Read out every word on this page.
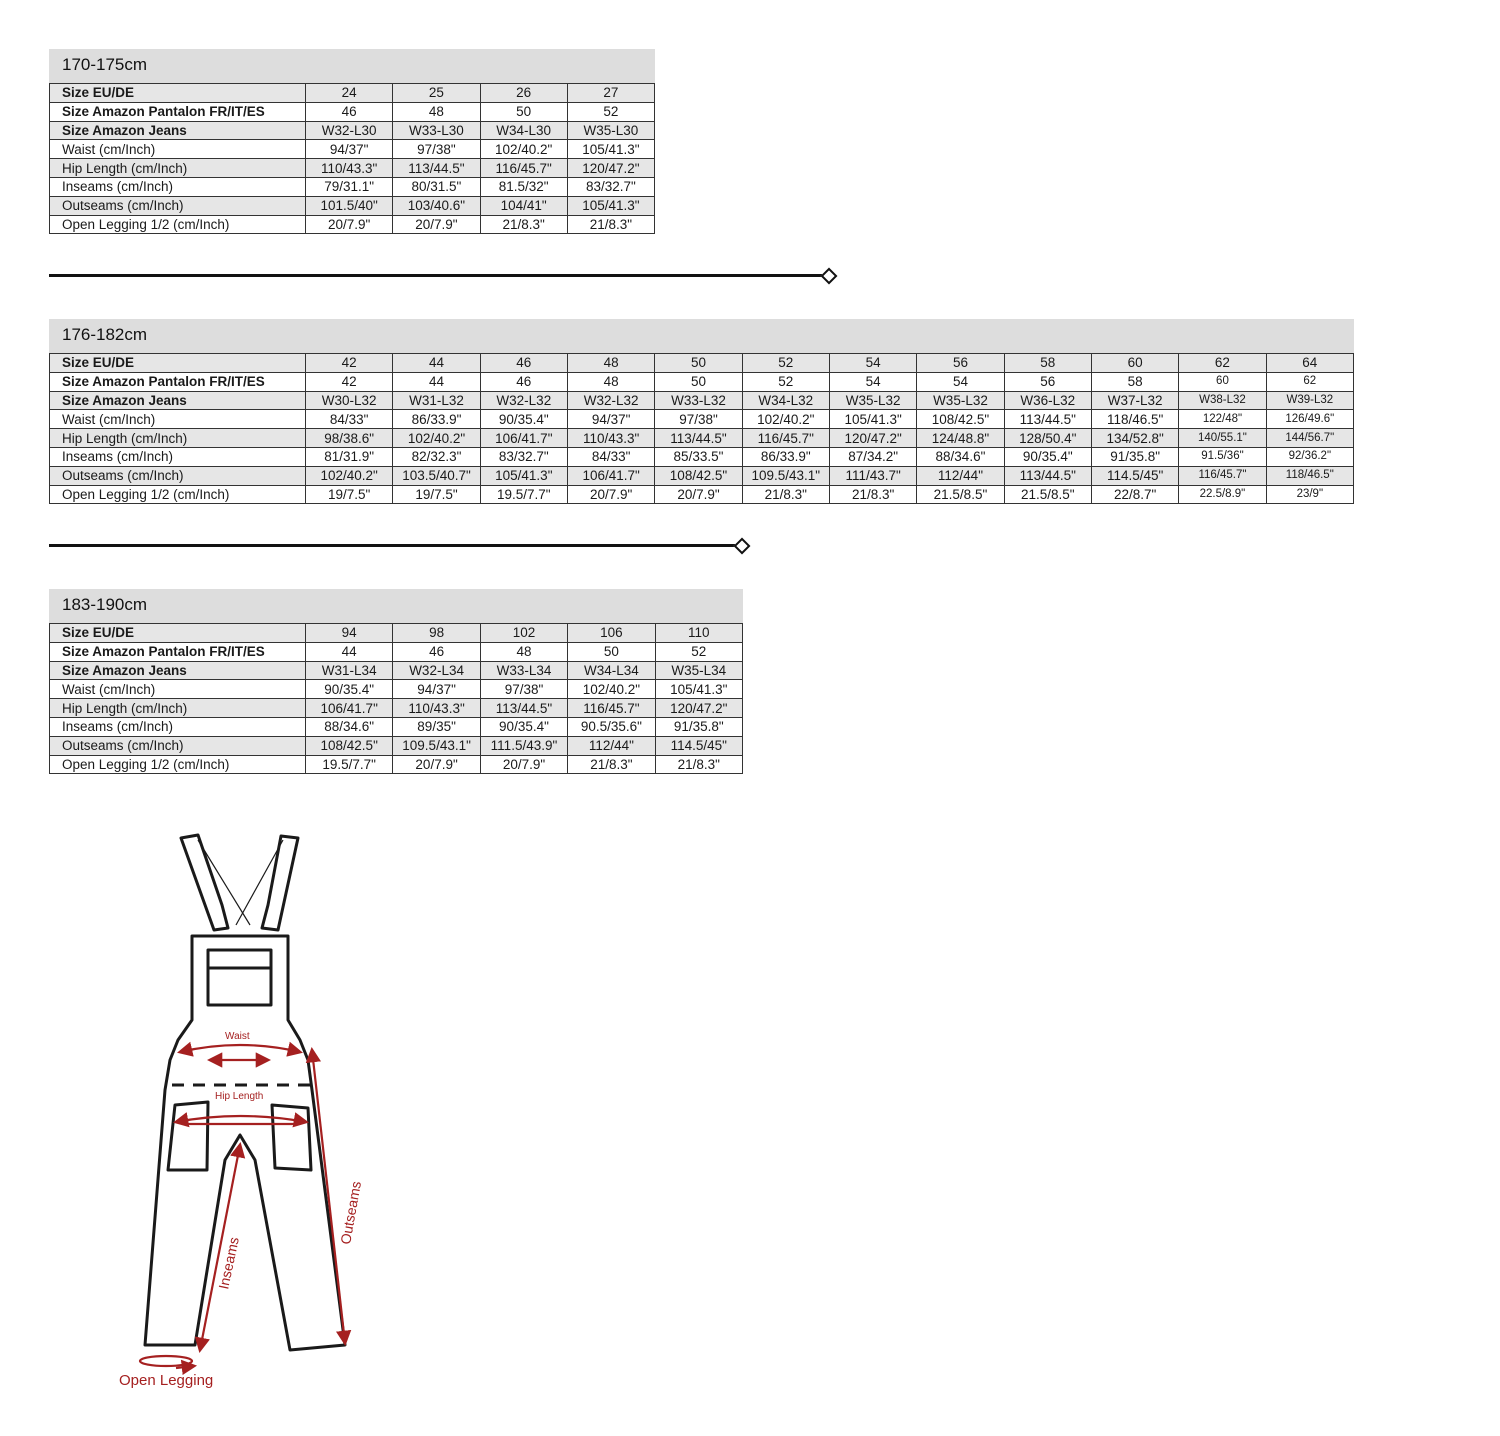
170-175cm
Size EU/DE	24	25	26	27
Size Amazon Pantalon FR/IT/ES	46	48	50	52
Size Amazon Jeans	W32-L30	W33-L30	W34-L30	W35-L30
Waist (cm/Inch)	94/37"	97/38"	102/40.2"	105/41.3"
Hip Length (cm/Inch)	110/43.3"	113/44.5"	116/45.7"	120/47.2"
Inseams (cm/Inch)	79/31.1"	80/31.5"	81.5/32"	83/32.7"
Outseams (cm/Inch)	101.5/40"	103/40.6"	104/41"	105/41.3"
Open Legging 1/2 (cm/Inch)	20/7.9"	20/7.9"	21/8.3"	21/8.3"
176-182cm
Size EU/DE	42	44	46	48	50	52	54	56	58	60	62	64
Size Amazon Pantalon FR/IT/ES	42	44	46	48	50	52	54	54	56	58	60	62
Size Amazon Jeans	W30-L32	W31-L32	W32-L32	W32-L32	W33-L32	W34-L32	W35-L32	W35-L32	W36-L32	W37-L32	W38-L32	W39-L32
Waist (cm/Inch)	84/33"	86/33.9"	90/35.4"	94/37"	97/38"	102/40.2"	105/41.3"	108/42.5"	113/44.5"	118/46.5"	122/48"	126/49.6"
Hip Length (cm/Inch)	98/38.6"	102/40.2"	106/41.7"	110/43.3"	113/44.5"	116/45.7"	120/47.2"	124/48.8"	128/50.4"	134/52.8"	140/55.1"	144/56.7"
Inseams (cm/Inch)	81/31.9"	82/32.3"	83/32.7"	84/33"	85/33.5"	86/33.9"	87/34.2"	88/34.6"	90/35.4"	91/35.8"	91.5/36"	92/36.2"
Outseams (cm/Inch)	102/40.2"	103.5/40.7"	105/41.3"	106/41.7"	108/42.5"	109.5/43.1"	111/43.7"	112/44"	113/44.5"	114.5/45"	116/45.7"	118/46.5"
Open Legging 1/2 (cm/Inch)	19/7.5"	19/7.5"	19.5/7.7"	20/7.9"	20/7.9"	21/8.3"	21/8.3"	21.5/8.5"	21.5/8.5"	22/8.7"	22.5/8.9"	23/9"
183-190cm
Size EU/DE	94	98	102	106	110
Size Amazon Pantalon FR/IT/ES	44	46	48	50	52
Size Amazon Jeans	W31-L34	W32-L34	W33-L34	W34-L34	W35-L34
Waist (cm/Inch)	90/35.4"	94/37"	97/38"	102/40.2"	105/41.3"
Hip Length (cm/Inch)	106/41.7"	110/43.3"	113/44.5"	116/45.7"	120/47.2"
Inseams (cm/Inch)	88/34.6"	89/35"	90/35.4"	90.5/35.6"	91/35.8"
Outseams (cm/Inch)	108/42.5"	109.5/43.1"	111.5/43.9"	112/44"	114.5/45"
Open Legging 1/2 (cm/Inch)	19.5/7.7"	20/7.9"	20/7.9"	21/8.3"	21/8.3"
Waist
Hip Length
Outseams
Inseams
Open Legging
